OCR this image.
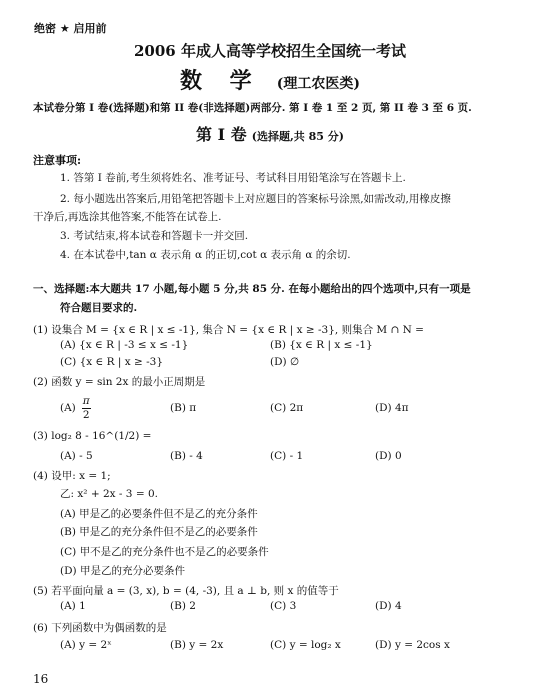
绝密 ★ 启用前
2006 年成人高等学校招生全国统一考试
数 学 (理工农医类)
本试卷分第 I 卷(选择题)和第 II 卷(非选择题)两部分. 第 I 卷 1 至 2 页, 第 II 卷 3 至 6 页.
第 I 卷 (选择题,共 85 分)
注意事项:
1. 答第 I 卷前,考生须将姓名、准考证号、考试科目用铅笔涂写在答题卡上.
2. 每小题选出答案后,用铅笔把答题卡上对应题目的答案标号涂黑,如需改动,用橡皮擦
干净后,再选涂其他答案,不能答在试卷上.
3. 考试结束,将本试卷和答题卡一并交回.
4. 在本试卷中,tan α 表示角 α 的正切,cot α 表示角 α 的余切.
一、选择题:本大题共 17 小题,每小题 5 分,共 85 分. 在每小题给出的四个选项中,只有一项是
符合题目要求的.
(1) 设集合 M = {x ∈ R | x ≤ -1}, 集合 N = {x ∈ R | x ≥ -3}, 则集合 M ∩ N =
(A) {x ∈ R | -3 ≤ x ≤ -1}	(B) {x ∈ R | x ≤ -1}
(C) {x ∈ R | x ≥ -3}	(D) ∅
(2) 函数 y = sin 2x 的最小正周期是
$(A) \frac{\pi}{2}$	(B) π	(C) 2π	(D) 4π
(3) log₂ 8 - 16^(1/2) =
(A) - 5	(B) - 4	(C) - 1	(D) 0
(4) 设甲: x = 1;
乙: x² + 2x - 3 = 0.
(A) 甲是乙的必要条件但不是乙的充分条件
(B) 甲是乙的充分条件但不是乙的必要条件
(C) 甲不是乙的充分条件也不是乙的必要条件
(D) 甲是乙的充分必要条件
(5) 若平面向量 a = (3, x), b = (4, -3), 且 a ⊥ b, 则 x 的值等于
(A) 1	(B) 2	(C) 3	(D) 4
(6) 下列函数中为偶函数的是
(A) y = 2ˣ	(B) y = 2x	(C) y = log₂ x	(D) y = 2cos x
16
